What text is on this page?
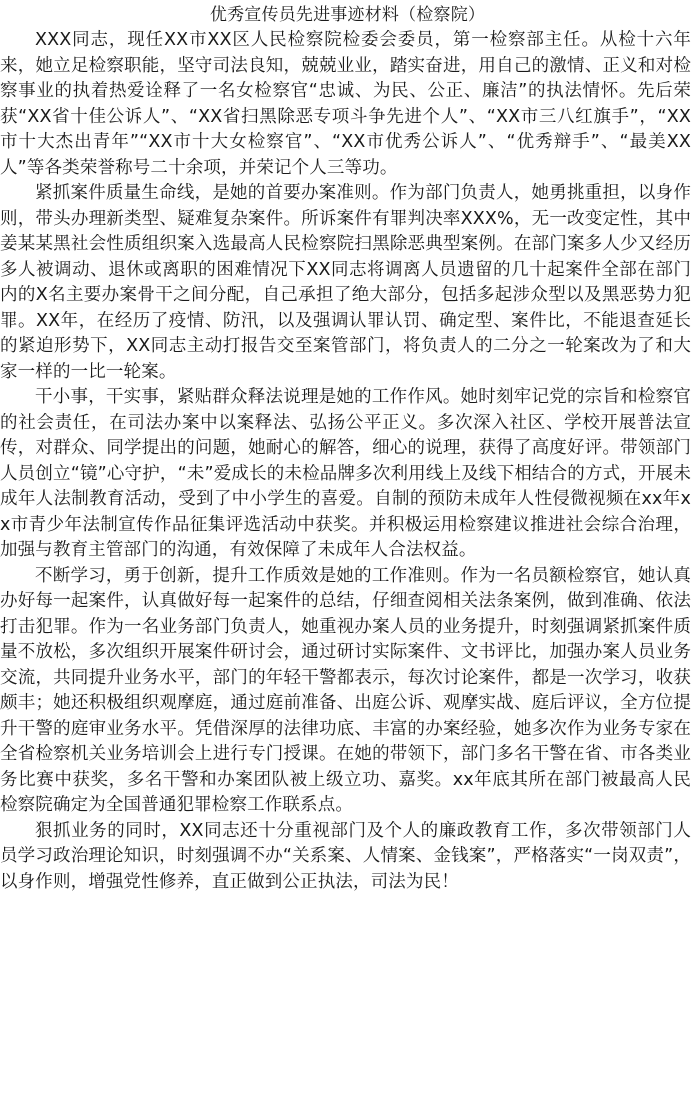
优秀宣传员先进事迹材料（检察院）

XXX同志，现任XX市XX区人民检察院检委会委员，第一检察部主任。从检十六年来，她立足检察职能，坚守司法良知，兢兢业业，踏实奋进，用自己的激情、正义和对检察事业的执着热爱诠释了一名女检察官“忠诚、为民、公正、廉洁”的执法情怀。先后荣获“XX省十佳公诉人”、“XX省扫黑除恶专项斗争先进个人”、“XX市三八红旗手”，“XX市十大杰出青年”“XX市十大女检察官”、“XX市优秀公诉人”、“优秀辩手”、“最美XX人”等各类荣誉称号二十余项，并荣记个人三等功。

紧抓案件质量生命线，是她的首要办案准则。作为部门负责人，她勇挑重担，以身作则，带头办理新类型、疑难复杂案件。所诉案件有罪判决率XXX%，无一改变定性，其中姜某某黑社会性质组织案入选最高人民检察院扫黑除恶典型案例。在部门案多人少又经历多人被调动、退休或离职的困难情况下XX同志将调离人员遗留的几十起案件全部在部门内的X名主要办案骨干之间分配，自己承担了绝大部分，包括多起涉众型以及黑恶势力犯罪。XX年，在经历了疫情、防汛，以及强调认罪认罚、确定型、案件比，不能退查延长的紧迫形势下，XX同志主动打报告交至案管部门，将负责人的二分之一轮案改为了和大家一样的一比一轮案。

干小事，干实事，紧贴群众释法说理是她的工作作风。她时刻牢记党的宗旨和检察官的社会责任，在司法办案中以案释法、弘扬公平正义。多次深入社区、学校开展普法宣传，对群众、同学提出的问题，她耐心的解答，细心的说理，获得了高度好评。带领部门人员创立“镜”心守护，“未”爱成长的未检品牌多次利用线上及线下相结合的方式，开展未成年人法制教育活动，受到了中小学生的喜爱。自制的预防未成年人性侵微视频在xx年xx市青少年法制宣传作品征集评选活动中获奖。并积极运用检察建议推进社会综合治理，加强与教育主管部门的沟通，有效保障了未成年人合法权益。

不断学习，勇于创新，提升工作质效是她的工作准则。作为一名员额检察官，她认真办好每一起案件，认真做好每一起案件的总结，仔细查阅相关法条案例，做到准确、依法打击犯罪。作为一名业务部门负责人，她重视办案人员的业务提升，时刻强调紧抓案件质量不放松，多次组织开展案件研讨会，通过研讨实际案件、文书评比，加强办案人员业务交流，共同提升业务水平，部门的年轻干警都表示，每次讨论案件，都是一次学习，收获颇丰；她还积极组织观摩庭，通过庭前准备、出庭公诉、观摩实战、庭后评议，全方位提升干警的庭审业务水平。凭借深厚的法律功底、丰富的办案经验，她多次作为业务专家在全省检察机关业务培训会上进行专门授课。在她的带领下，部门多名干警在省、市各类业务比赛中获奖，多名干警和办案团队被上级立功、嘉奖。xx年底其所在部门被最高人民检察院确定为全国普通犯罪检察工作联系点。

狠抓业务的同时，XX同志还十分重视部门及个人的廉政教育工作，多次带领部门人员学习政治理论知识，时刻强调不办“关系案、人情案、金钱案”，严格落实“一岗双责”，以身作则，增强党性修养，直正做到公正执法，司法为民！
